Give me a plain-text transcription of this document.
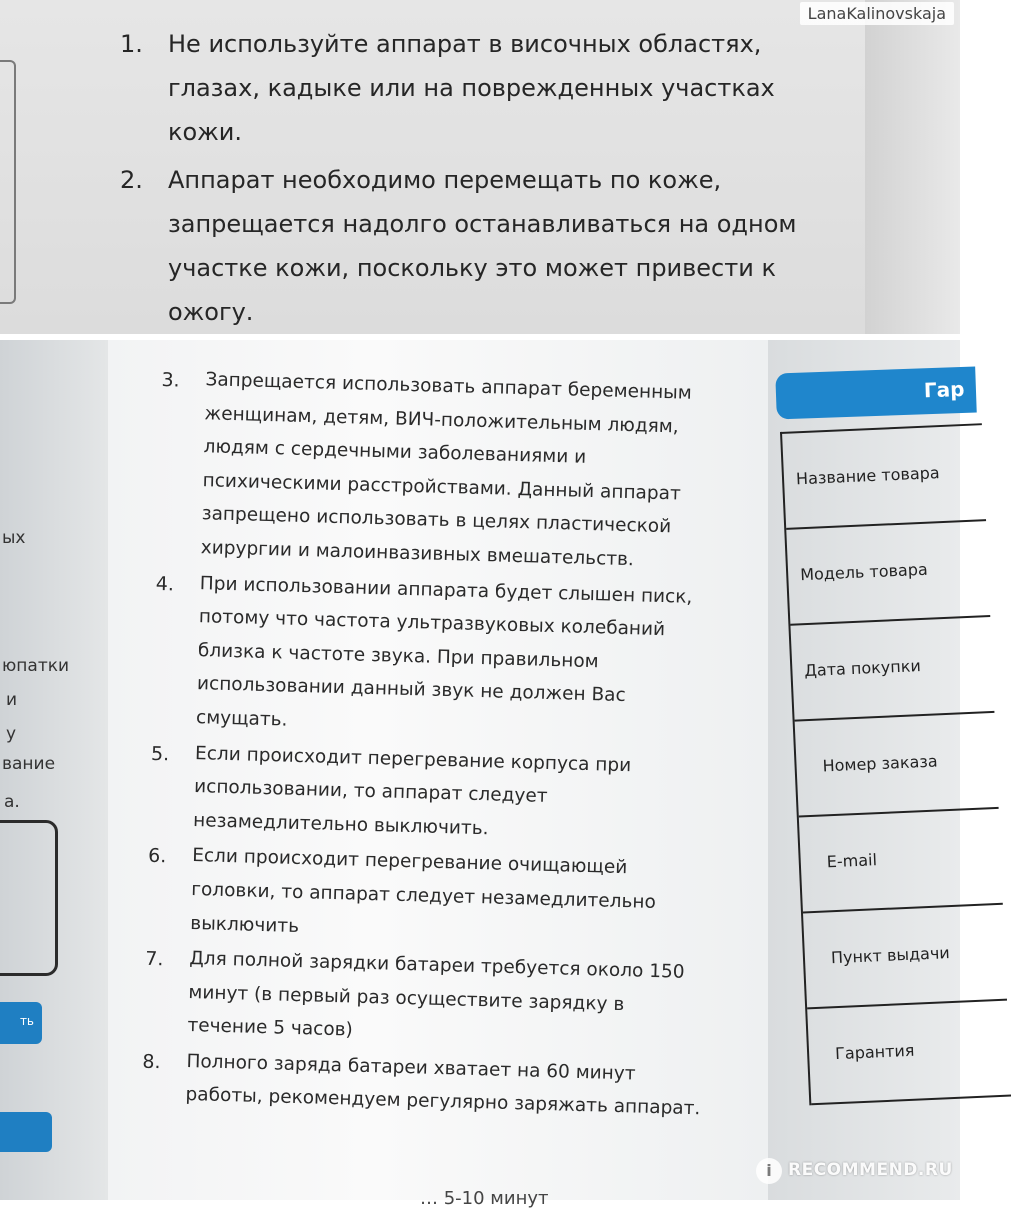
1. Не используйте аппарат в височных областях, глазах, кадыке или на поврежденных участках кожи.
2. Аппарат необходимо перемещать по коже, запрещается надолго останавливаться на одном участке кожи, поскольку это может привести к ожогу.
LanaKalinovskaja
ых
юпатки
и
у
вание
а.
ть
3. Запрещается использовать аппарат беременным женщинам, детям, ВИЧ-положительным людям, людям с сердечными заболеваниями и психическими расстройствами. Данный аппарат запрещено использовать в целях пластической хирургии и малоинвазивных вмешательств.
4. При использовании аппарата будет слышен писк, потому что частота ультразвуковых колебаний близка к частоте звука. При правильном использовании данный звук не должен Вас смущать.
5. Если происходит перегревание корпуса при использовании, то аппарат следует незамедлительно выключить.
6. Если происходит перегревание очищающей головки, то аппарат следует незамедлительно выключить
7. Для полной зарядки батареи требуется около 150 минут (в первый раз осуществите зарядку в течение 5 часов)
8. Полного заряда батареи хватает на 60 минут работы, рекомендуем регулярно заряжать аппарат.
… 5-10 минут
Гар
Название товара
Модель товара
Дата покупки
Номер заказа
E-mail
Пункт выдачи
Гарантия
i RECOMMEND.RU
